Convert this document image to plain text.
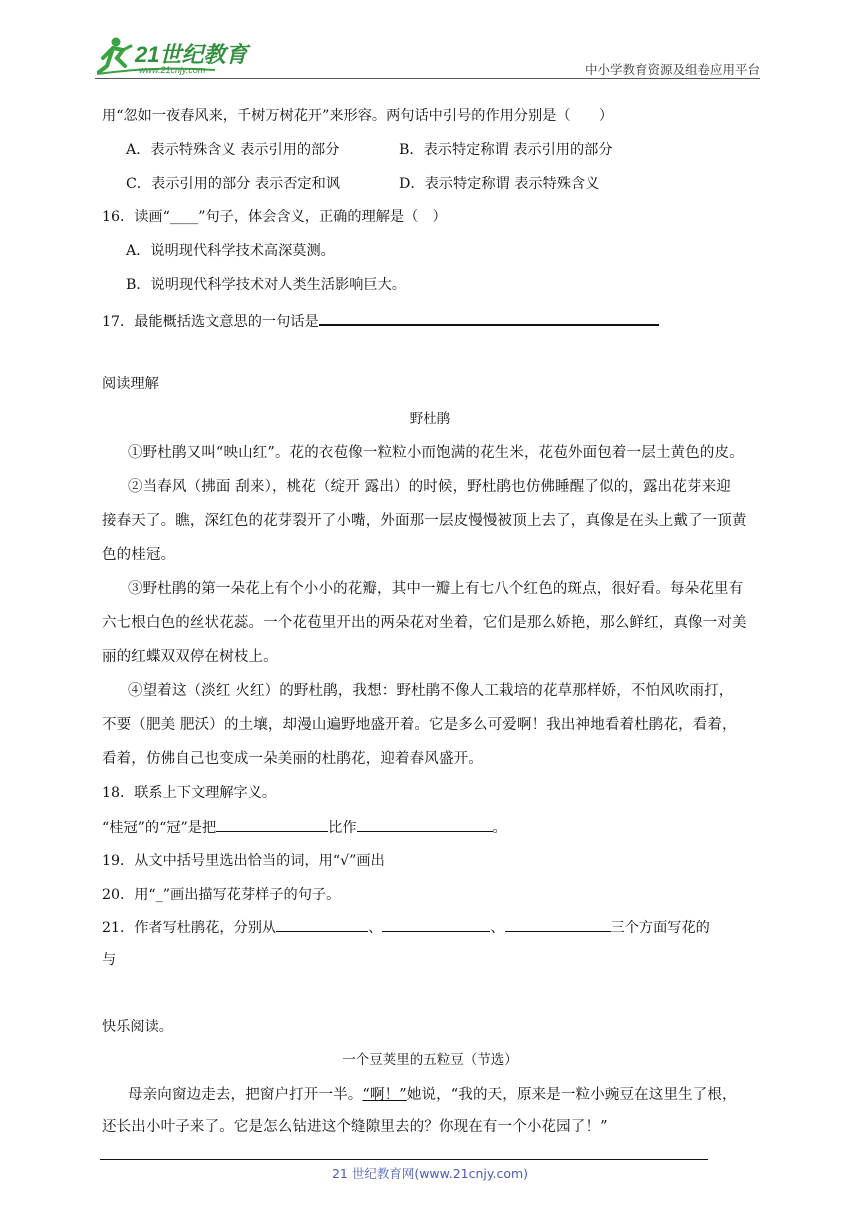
21世纪教育
www.21cnjy.com	中小学教育资源及组卷应用平台
用“忽如一夜春风来，千树万树花开”来形容。两句话中引号的作用分别是（　　）
A．表示特殊含义 表示引用的部分	B．表示特定称谓 表示引用的部分
C．表示引用的部分 表示否定和讽	D．表示特定称谓 表示特殊含义
16．读画“____”句子，体会含义，正确的理解是（　）
A．说明现代科学技术高深莫测。
B．说明现代科学技术对人类生活影响巨大。
17．最能概括选文意思的一句话是
阅读理解
野杜鹃
①野杜鹃又叫“映山红”。花的衣苞像一粒粒小而饱满的花生米，花苞外面包着一层土黄色的皮。
②当春风（拂面 刮来），桃花（绽开 露出）的时候，野杜鹃也仿佛睡醒了似的，露出花芽来迎
接春天了。瞧，深红色的花芽裂开了小嘴，外面那一层皮慢慢被顶上去了，真像是在头上戴了一顶黄
色的桂冠。
③野杜鹃的第一朵花上有个小小的花瓣，其中一瓣上有七八个红色的斑点，很好看。每朵花里有
六七根白色的丝状花蕊。一个花苞里开出的两朵花对坐着，它们是那么娇艳，那么鲜红，真像一对美
丽的红蝶双双停在树枝上。
④望着这（淡红 火红）的野杜鹃，我想：野杜鹃不像人工栽培的花草那样娇，不怕风吹雨打，
不要（肥美 肥沃）的土壤，却漫山遍野地盛开着。它是多么可爱啊！我出神地看着杜鹃花，看着，
看着，仿佛自己也变成一朵美丽的杜鹃花，迎着春风盛开。
18．联系上下文理解字义。
“桂冠”的“冠”是把	比作	。
19．从文中括号里选出恰当的词，用“√”画出
20．用“_”画出描写花芽样子的句子。
21．作者写杜鹃花，分别从	、	、	三个方面写花的
与
快乐阅读。
一个豆荚里的五粒豆（节选）
母亲向窗边走去，把窗户打开一半。“啊！”她说，“我的天，原来是一粒小豌豆在这里生了根，
还长出小叶子来了。它是怎么钻进这个缝隙里去的？你现在有一个小花园了！”
21 世纪教育网(www.21cnjy.com)
